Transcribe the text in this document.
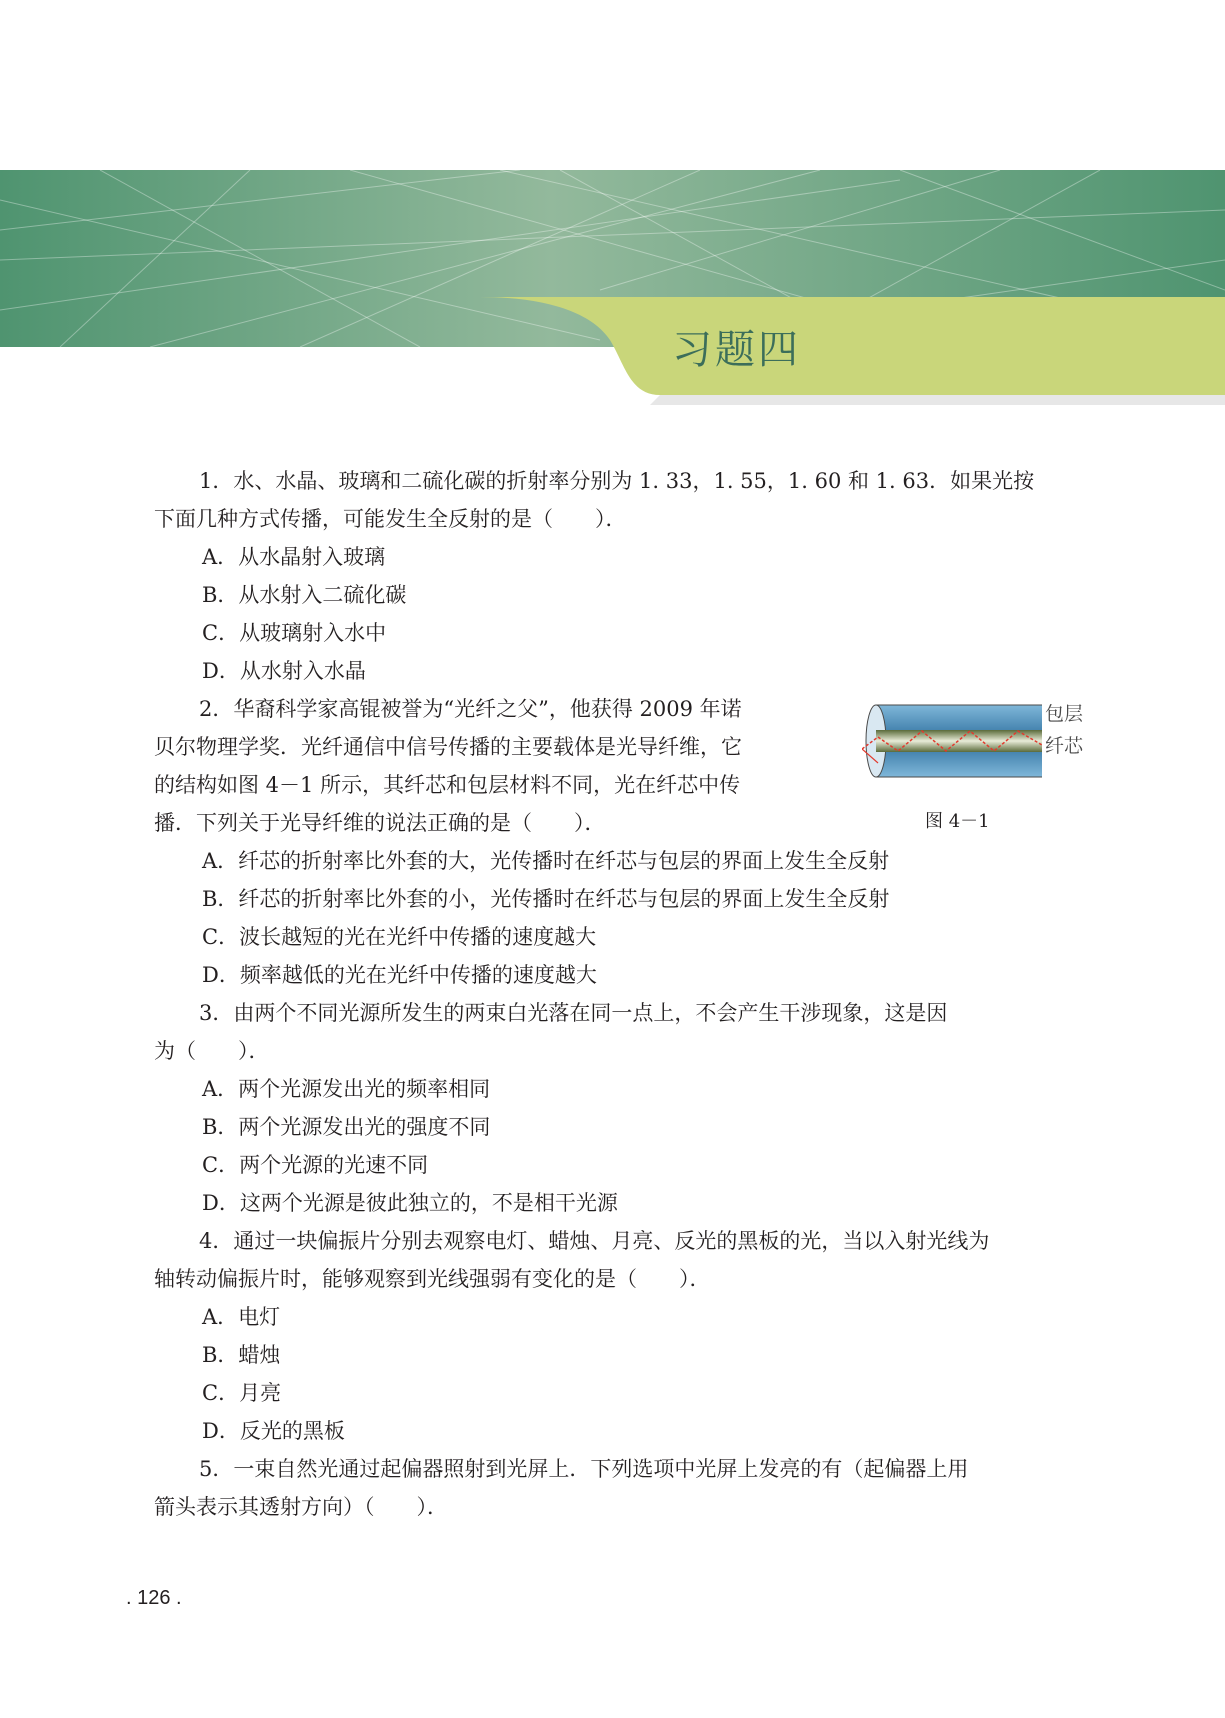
习题四

1．水、水晶、玻璃和二硫化碳的折射率分别为 1. 33，1. 55，1. 60 和 1. 63．如果光按

下面几种方式传播，可能发生全反射的是（　　）．

A．从水晶射入玻璃

B．从水射入二硫化碳

C．从玻璃射入水中

D．从水射入水晶

2．华裔科学家高锟被誉为“光纤之父”，他获得 2009 年诺

贝尔物理学奖．光纤通信中信号传播的主要载体是光导纤维，它

的结构如图 4－1 所示，其纤芯和包层材料不同，光在纤芯中传

播．下列关于光导纤维的说法正确的是（　　）．

A．纤芯的折射率比外套的大，光传播时在纤芯与包层的界面上发生全反射

B．纤芯的折射率比外套的小，光传播时在纤芯与包层的界面上发生全反射

C．波长越短的光在光纤中传播的速度越大

D．频率越低的光在光纤中传播的速度越大

3．由两个不同光源所发生的两束白光落在同一点上，不会产生干涉现象，这是因

为（　　）．

A．两个光源发出光的频率相同

B．两个光源发出光的强度不同

C．两个光源的光速不同

D．这两个光源是彼此独立的，不是相干光源

4．通过一块偏振片分别去观察电灯、蜡烛、月亮、反光的黑板的光，当以入射光线为

轴转动偏振片时，能够观察到光线强弱有变化的是（　　）．

A．电灯

B．蜡烛

C．月亮

D．反光的黑板

5．一束自然光通过起偏器照射到光屏上．下列选项中光屏上发亮的有（起偏器上用

箭头表示其透射方向）（　　）．

包层
纤芯
图 4－1
. 126 .
